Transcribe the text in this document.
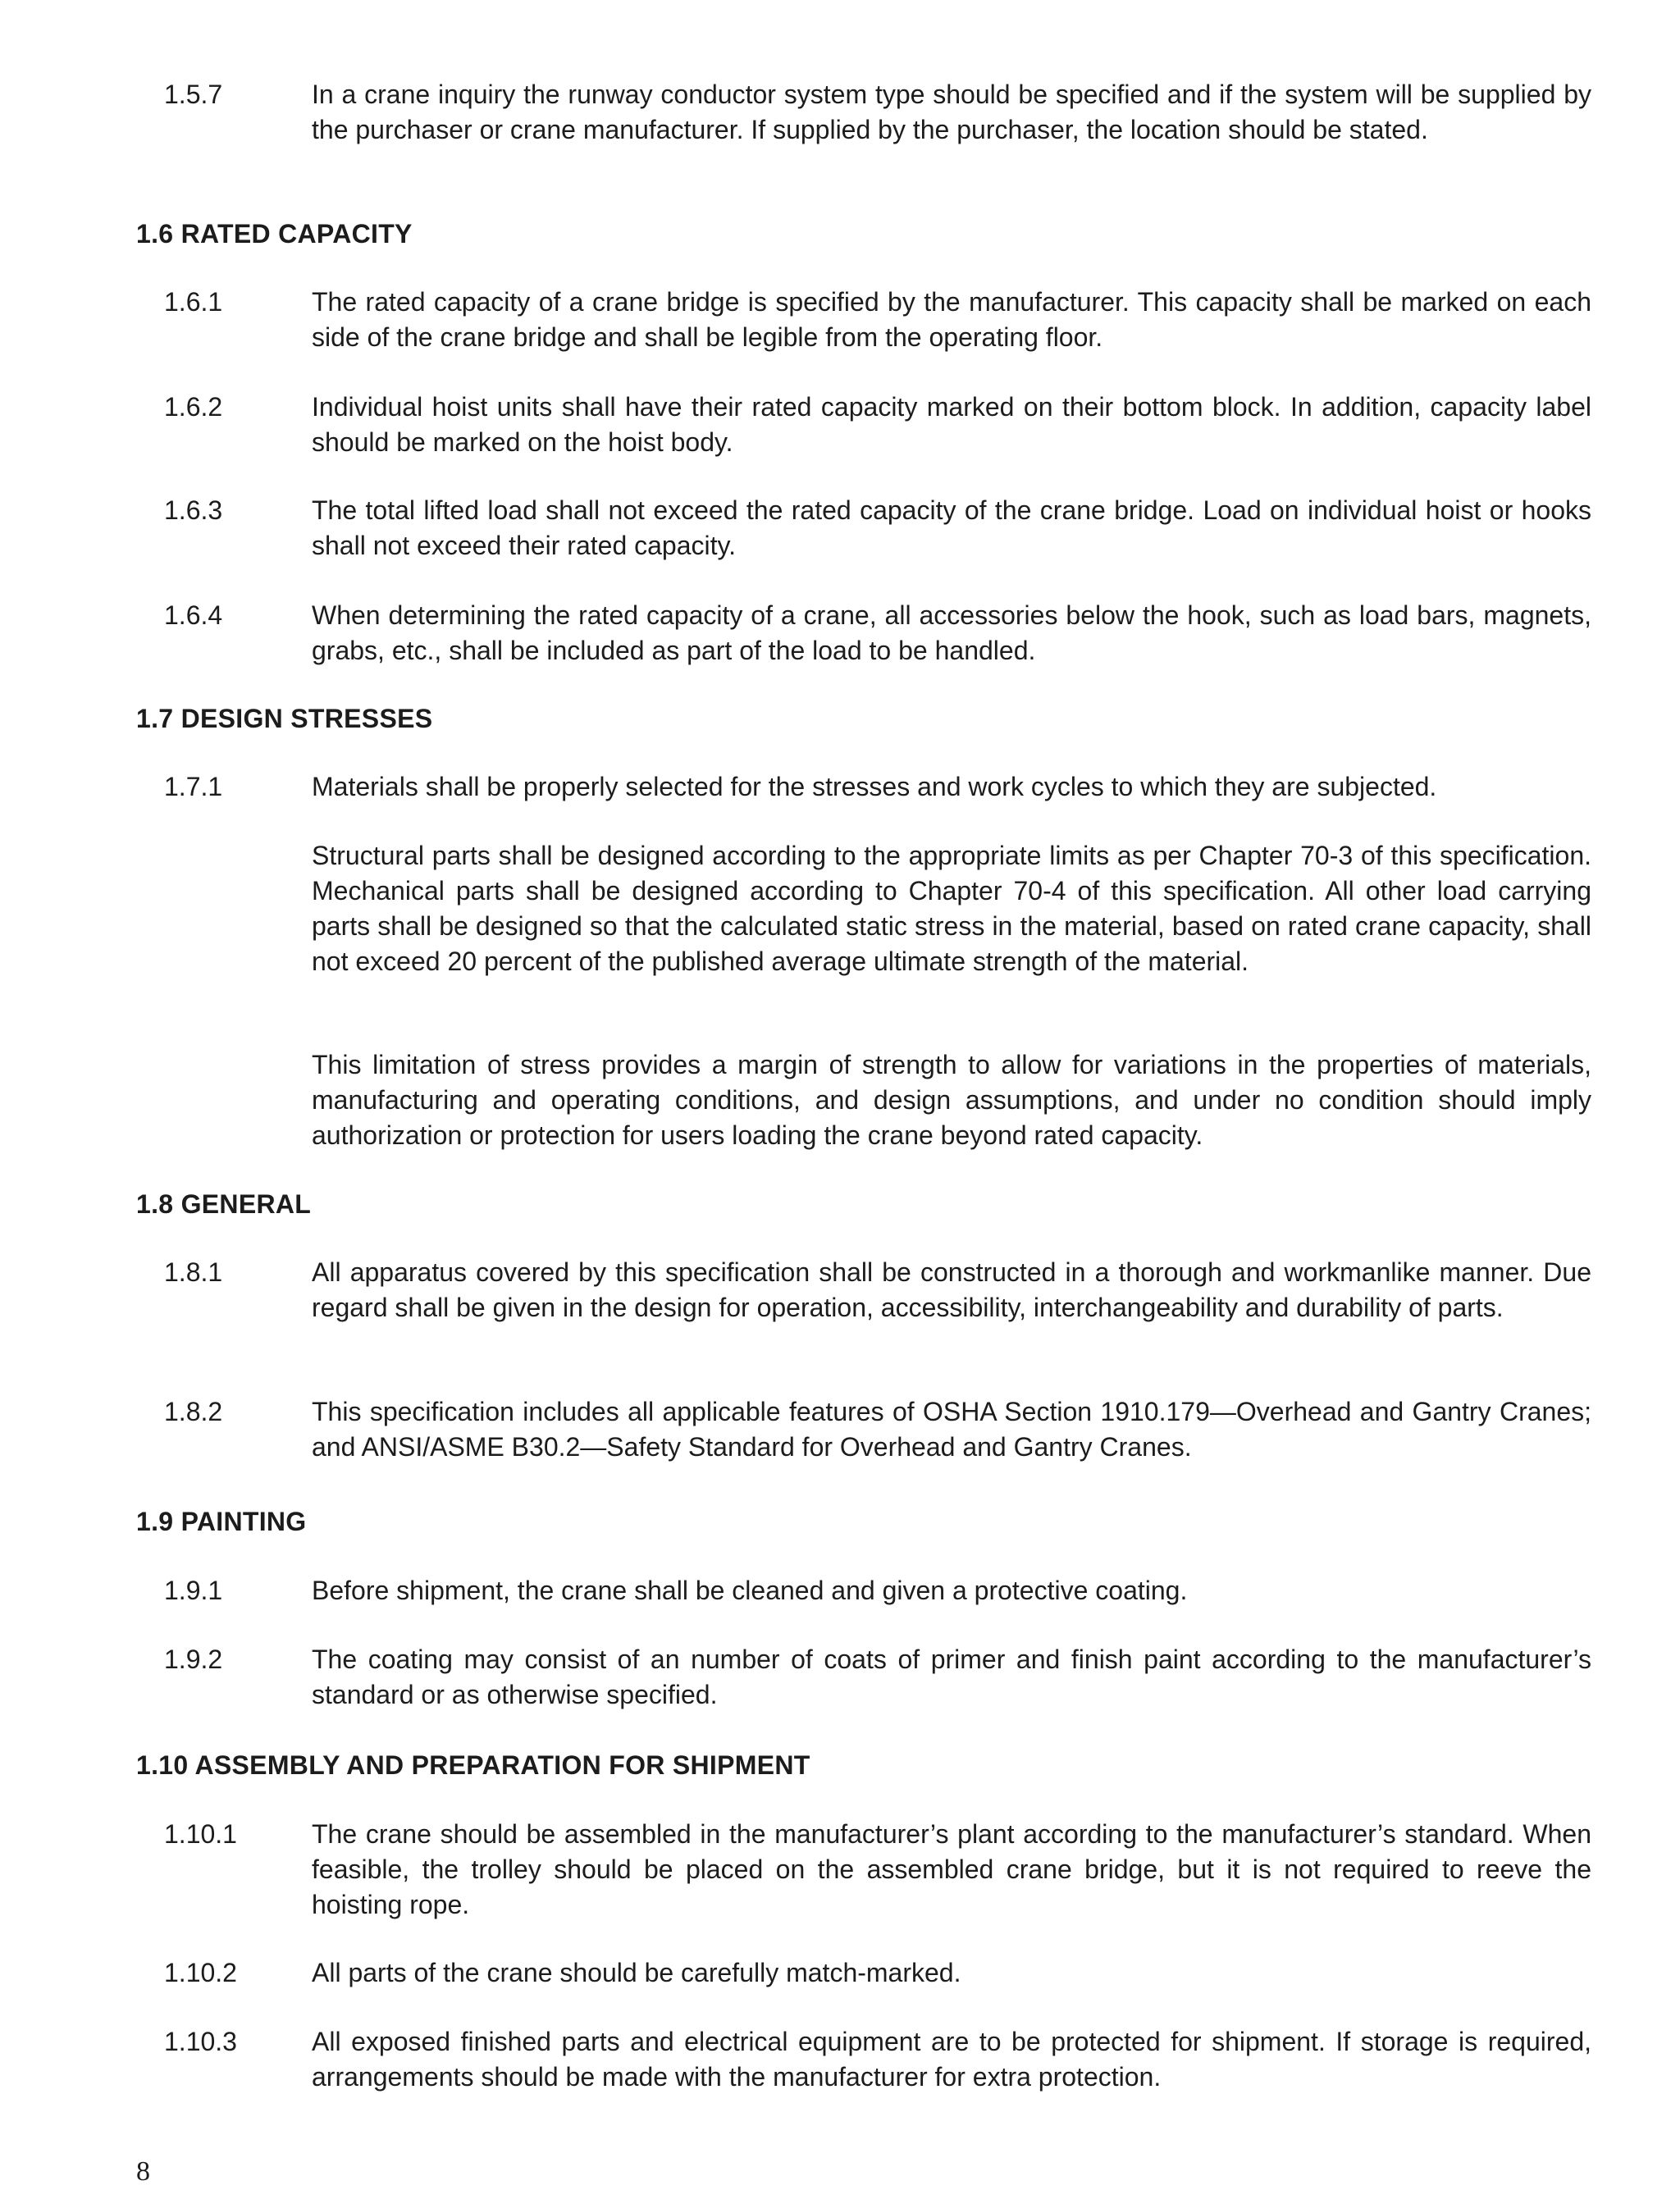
1.5.7	In a crane inquiry the runway conductor system type should be specified and if the system will be supplied by the purchaser or crane manufacturer. If supplied by the purchaser, the location should be stated.
1.6 RATED CAPACITY
1.6.1	The rated capacity of a crane bridge is specified by the manufacturer. This capacity shall be marked on each side of the crane bridge and shall be legible from the operating floor.
1.6.2	Individual hoist units shall have their rated capacity marked on their bottom block. In addition, capacity label should be marked on the hoist body.
1.6.3	The total lifted load shall not exceed the rated capacity of the crane bridge. Load on individual hoist or hooks shall not exceed their rated capacity.
1.6.4	When determining the rated capacity of a crane, all accessories below the hook, such as load bars, magnets, grabs, etc., shall be included as part of the load to be handled.
1.7 DESIGN STRESSES
1.7.1	Materials shall be properly selected for the stresses and work cycles to which they are subjected.
Structural parts shall be designed according to the appropriate limits as per Chapter 70-3 of this specification. Mechanical parts shall be designed according to Chapter 70-4 of this specification. All other load carrying parts shall be designed so that the calculated static stress in the material, based on rated crane capacity, shall not exceed 20 percent of the published average ultimate strength of the material.
This limitation of stress provides a margin of strength to allow for variations in the properties of materials, manufacturing and operating conditions, and design assumptions, and under no condition should imply authorization or protection for users loading the crane beyond rated capacity.
1.8 GENERAL
1.8.1	All apparatus covered by this specification shall be constructed in a thorough and workmanlike manner. Due regard shall be given in the design for operation, accessibility, interchangeability and durability of parts.
1.8.2	This specification includes all applicable features of OSHA Section 1910.179—Overhead and Gantry Cranes; and ANSI/ASME B30.2—Safety Standard for Overhead and Gantry Cranes.
1.9 PAINTING
1.9.1	Before shipment, the crane shall be cleaned and given a protective coating.
1.9.2	The coating may consist of an number of coats of primer and finish paint according to the manufacturer’s standard or as otherwise specified.
1.10 ASSEMBLY AND PREPARATION FOR SHIPMENT
1.10.1	The crane should be assembled in the manufacturer’s plant according to the manufacturer’s standard. When feasible, the trolley should be placed on the assembled crane bridge, but it is not required to reeve the hoisting rope.
1.10.2	All parts of the crane should be carefully match-marked.
1.10.3	All exposed finished parts and electrical equipment are to be protected for shipment. If storage is required, arrangements should be made with the manufacturer for extra protection.
8
